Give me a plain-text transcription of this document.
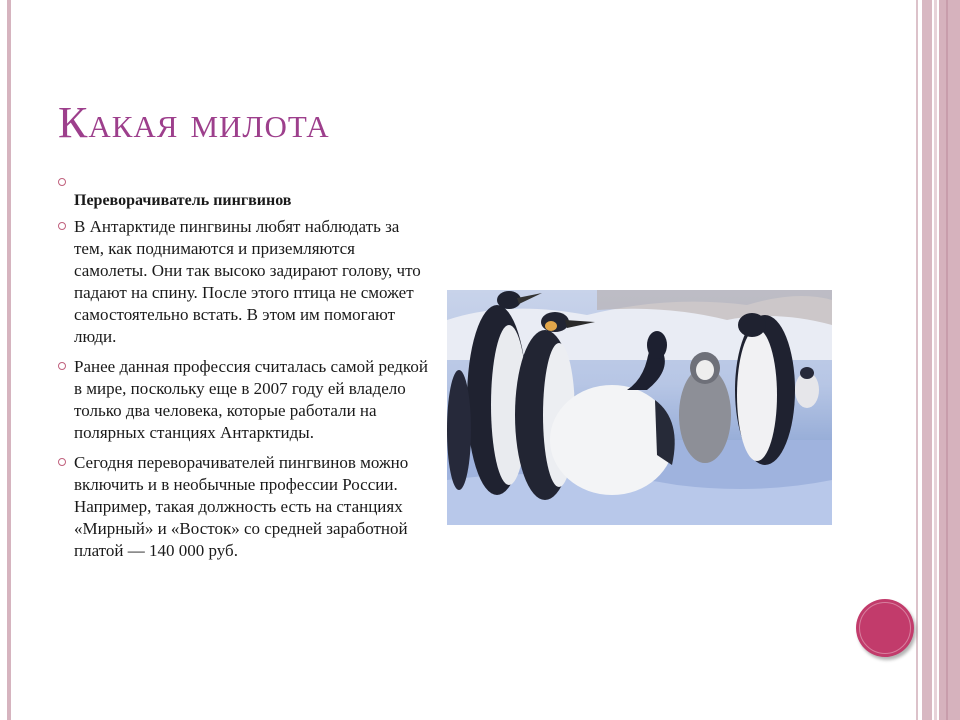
Какая милота
Переворачиватель пингвинов
В Антарктиде пингвины любят наблюдать за тем, как поднимаются и приземляются самолеты. Они так высоко задирают голову, что падают на спину. После этого птица не сможет самостоятельно встать. В этом им помогают люди.
Ранее данная профессия считалась самой редкой в мире, поскольку еще в 2007 году ей владело только два человека, которые работали на полярных станциях Антарктиды.
Сегодня переворачивателей пингвинов можно включить и в необычные профессии России. Например, такая должность есть на станциях «Мирный» и «Восток» со средней заработной платой — 140 000 руб.
